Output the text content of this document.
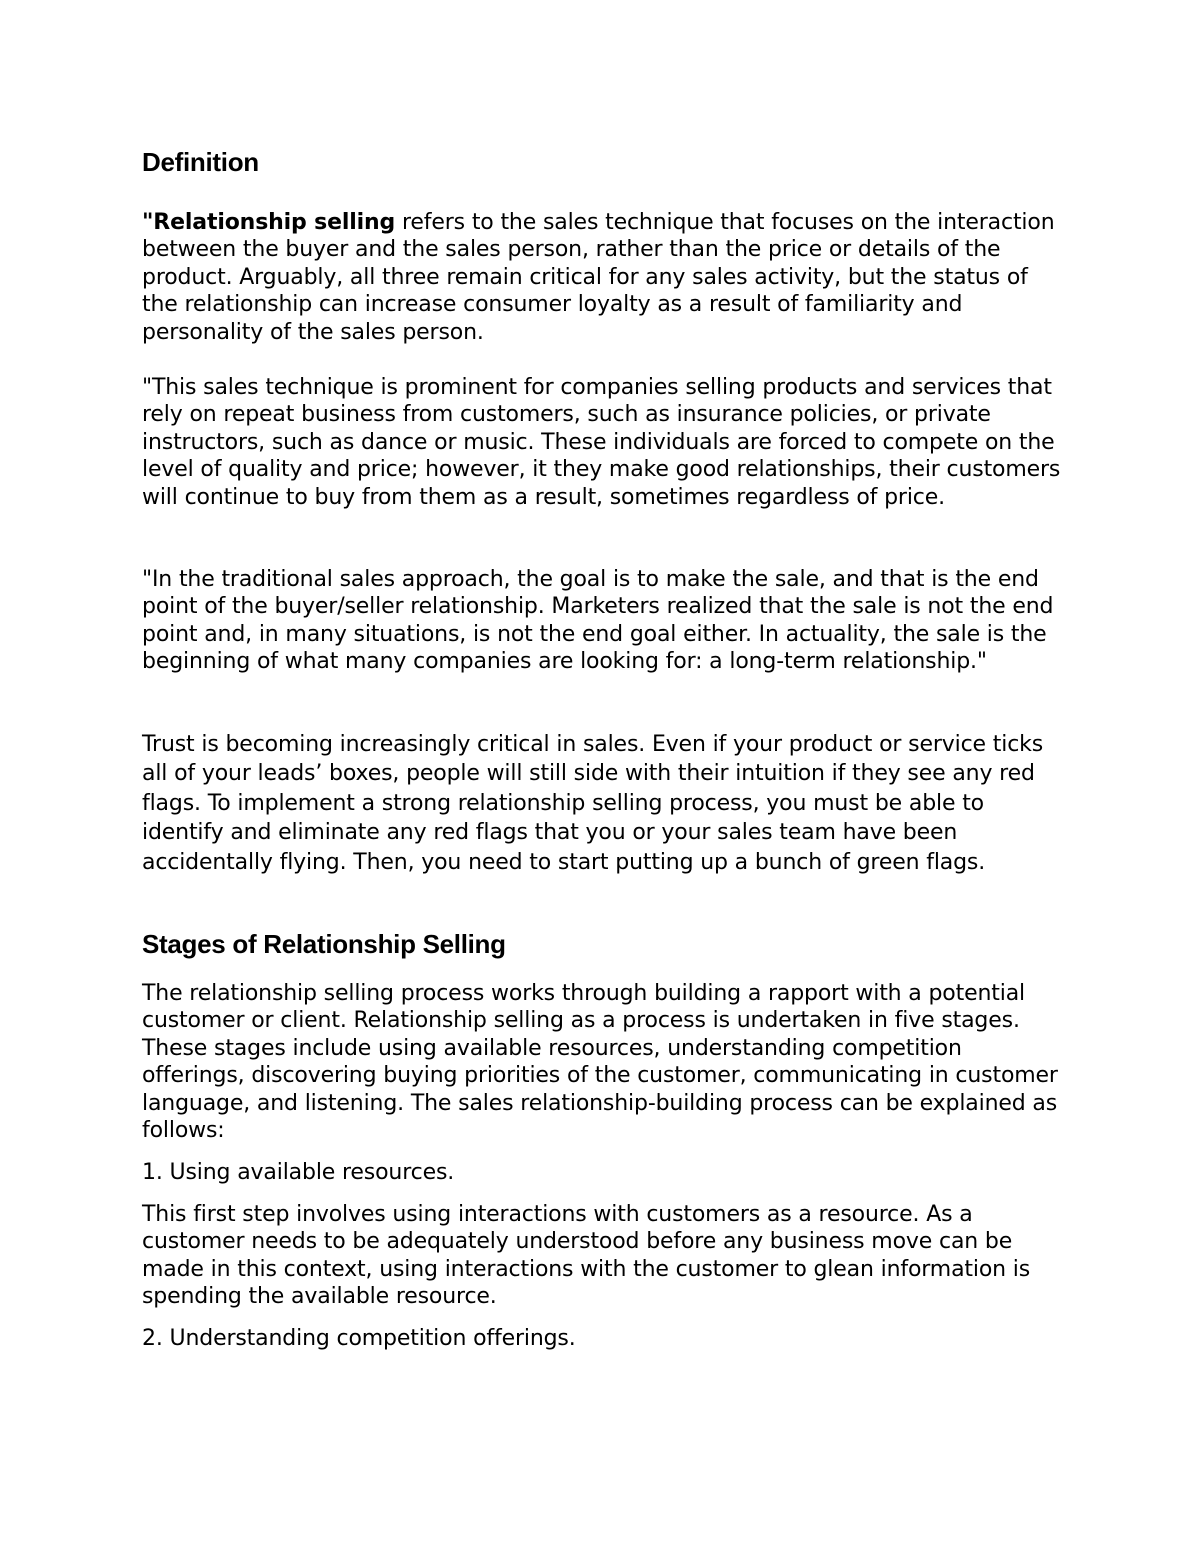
Definition

"Relationship selling refers to the sales technique that focuses on the interaction between the buyer and the sales person, rather than the price or details of the product. Arguably, all three remain critical for any sales activity, but the status of the relationship can increase consumer loyalty as a result of familiarity and personality of the sales person.

"This sales technique is prominent for companies selling products and services that rely on repeat business from customers, such as insurance policies, or private instructors, such as dance or music. These individuals are forced to compete on the level of quality and price; however, it they make good relationships, their customers will continue to buy from them as a result, sometimes regardless of price.

"In the traditional sales approach, the goal is to make the sale, and that is the end point of the buyer/seller relationship. Marketers realized that the sale is not the end point and, in many situations, is not the end goal either. In actuality, the sale is the beginning of what many companies are looking for: a long-term relationship."

Trust is becoming increasingly critical in sales. Even if your product or service ticks all of your leads’ boxes, people will still side with their intuition if they see any red flags. To implement a strong relationship selling process, you must be able to identify and eliminate any red flags that you or your sales team have been accidentally flying. Then, you need to start putting up a bunch of green flags.

Stages of Relationship Selling

The relationship selling process works through building a rapport with a potential customer or client. Relationship selling as a process is undertaken in five stages. These stages include using available resources, understanding competition offerings, discovering buying priorities of the customer, communicating in customer language, and listening. The sales relationship-building process can be explained as follows:

1. Using available resources.

This first step involves using interactions with customers as a resource. As a customer needs to be adequately understood before any business move can be made in this context, using interactions with the customer to glean information is spending the available resource.

2. Understanding competition offerings.
